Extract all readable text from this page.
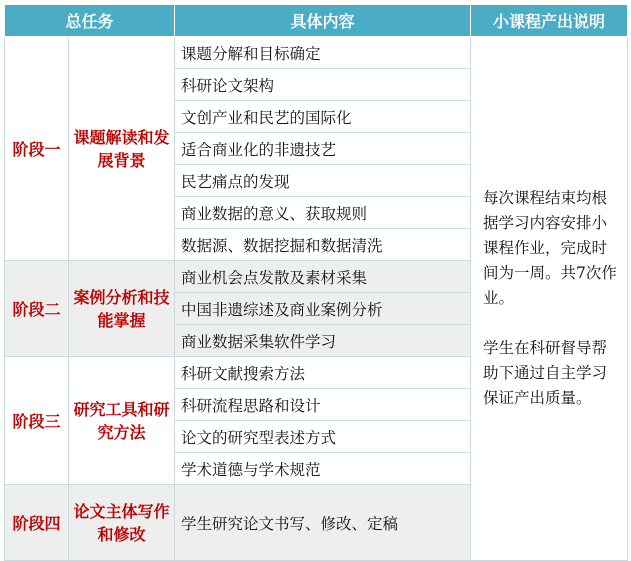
总任务		具体内容	小课程产出说明
阶段一	课题解读和发展背景	课题分解和目标确定	每次课程结束均根据学习内容安排小课程作业，完成时间为一周。共7次作业。
学生在科研督导帮助下通过自主学习保证产出质量。

		科研论文架构	
		文创产业和民艺的国际化	
		适合商业化的非遗技艺	
		民艺痛点的发现	
		商业数据的意义、获取规则	
		数据源、数据挖掘和数据清洗	
阶段二	案例分析和技能掌握	商业机会点发散及素材采集	
		中国非遗综述及商业案例分析	
		商业数据采集软件学习	
阶段三	研究工具和研究方法	科研文献搜索方法	
		科研流程思路和设计	
		论文的研究型表述方式	
		学术道德与学术规范	
阶段四	论文主体写作和修改	学生研究论文书写、修改、定稿	
